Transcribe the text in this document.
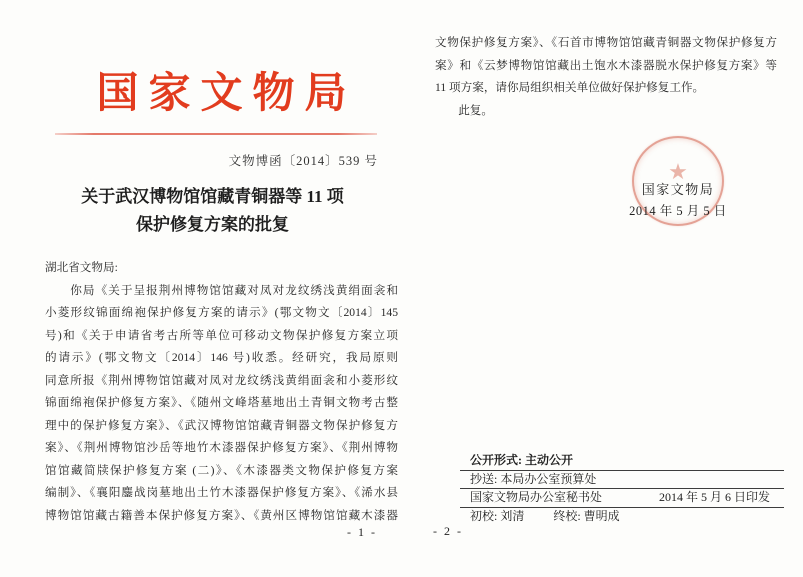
国家文物局
文物博函〔2014〕539 号
关于武汉博物馆馆藏青铜器等 11 项
保护修复方案的批复
湖北省文物局:
　　你局《关于呈报荆州博物馆馆藏对凤对龙纹绣浅黄绢面衾和
小菱形纹锦面绵袍保护修复方案的请示》(鄂文物文〔2014〕145
号)和《关于申请省考古所等单位可移动文物保护修复方案立项
的请示》(鄂文物文〔2014〕146 号)收悉。经研究，我局原则
同意所报《荆州博物馆馆藏对凤对龙纹绣浅黄绢面衾和小菱形纹
锦面绵袍保护修复方案》、《随州文峰塔墓地出土青铜文物考古整
理中的保护修复方案》、《武汉博物馆馆藏青铜器文物保护修复方
案》、《荆州博物馆沙岳等地竹木漆器保护修复方案》、《荆州博物
馆馆藏简牍保护修复方案 (二)》、《木漆器类文物保护修复方案
编制》、《襄阳鏖战岗墓地出土竹木漆器保护修复方案》、《浠水县
博物馆馆藏古籍善本保护修复方案》、《黄州区博物馆馆藏木漆器
- 1 -
文物保护修复方案》、《石首市博物馆馆藏青铜器文物保护修复方
案》和《云梦博物馆馆藏出土饱水木漆器脱水保护修复方案》等
11 项方案，请你局组织相关单位做好保护修复工作。
　　此复。
★
国家文物局
2014 年 5 月 5 日
公开形式: 主动公开
抄送: 本局办公室预算处
国家文物局办公室秘书处	2014 年 5 月 6 日印发
初校: 刘清 终校: 曹明成
- 2 -
